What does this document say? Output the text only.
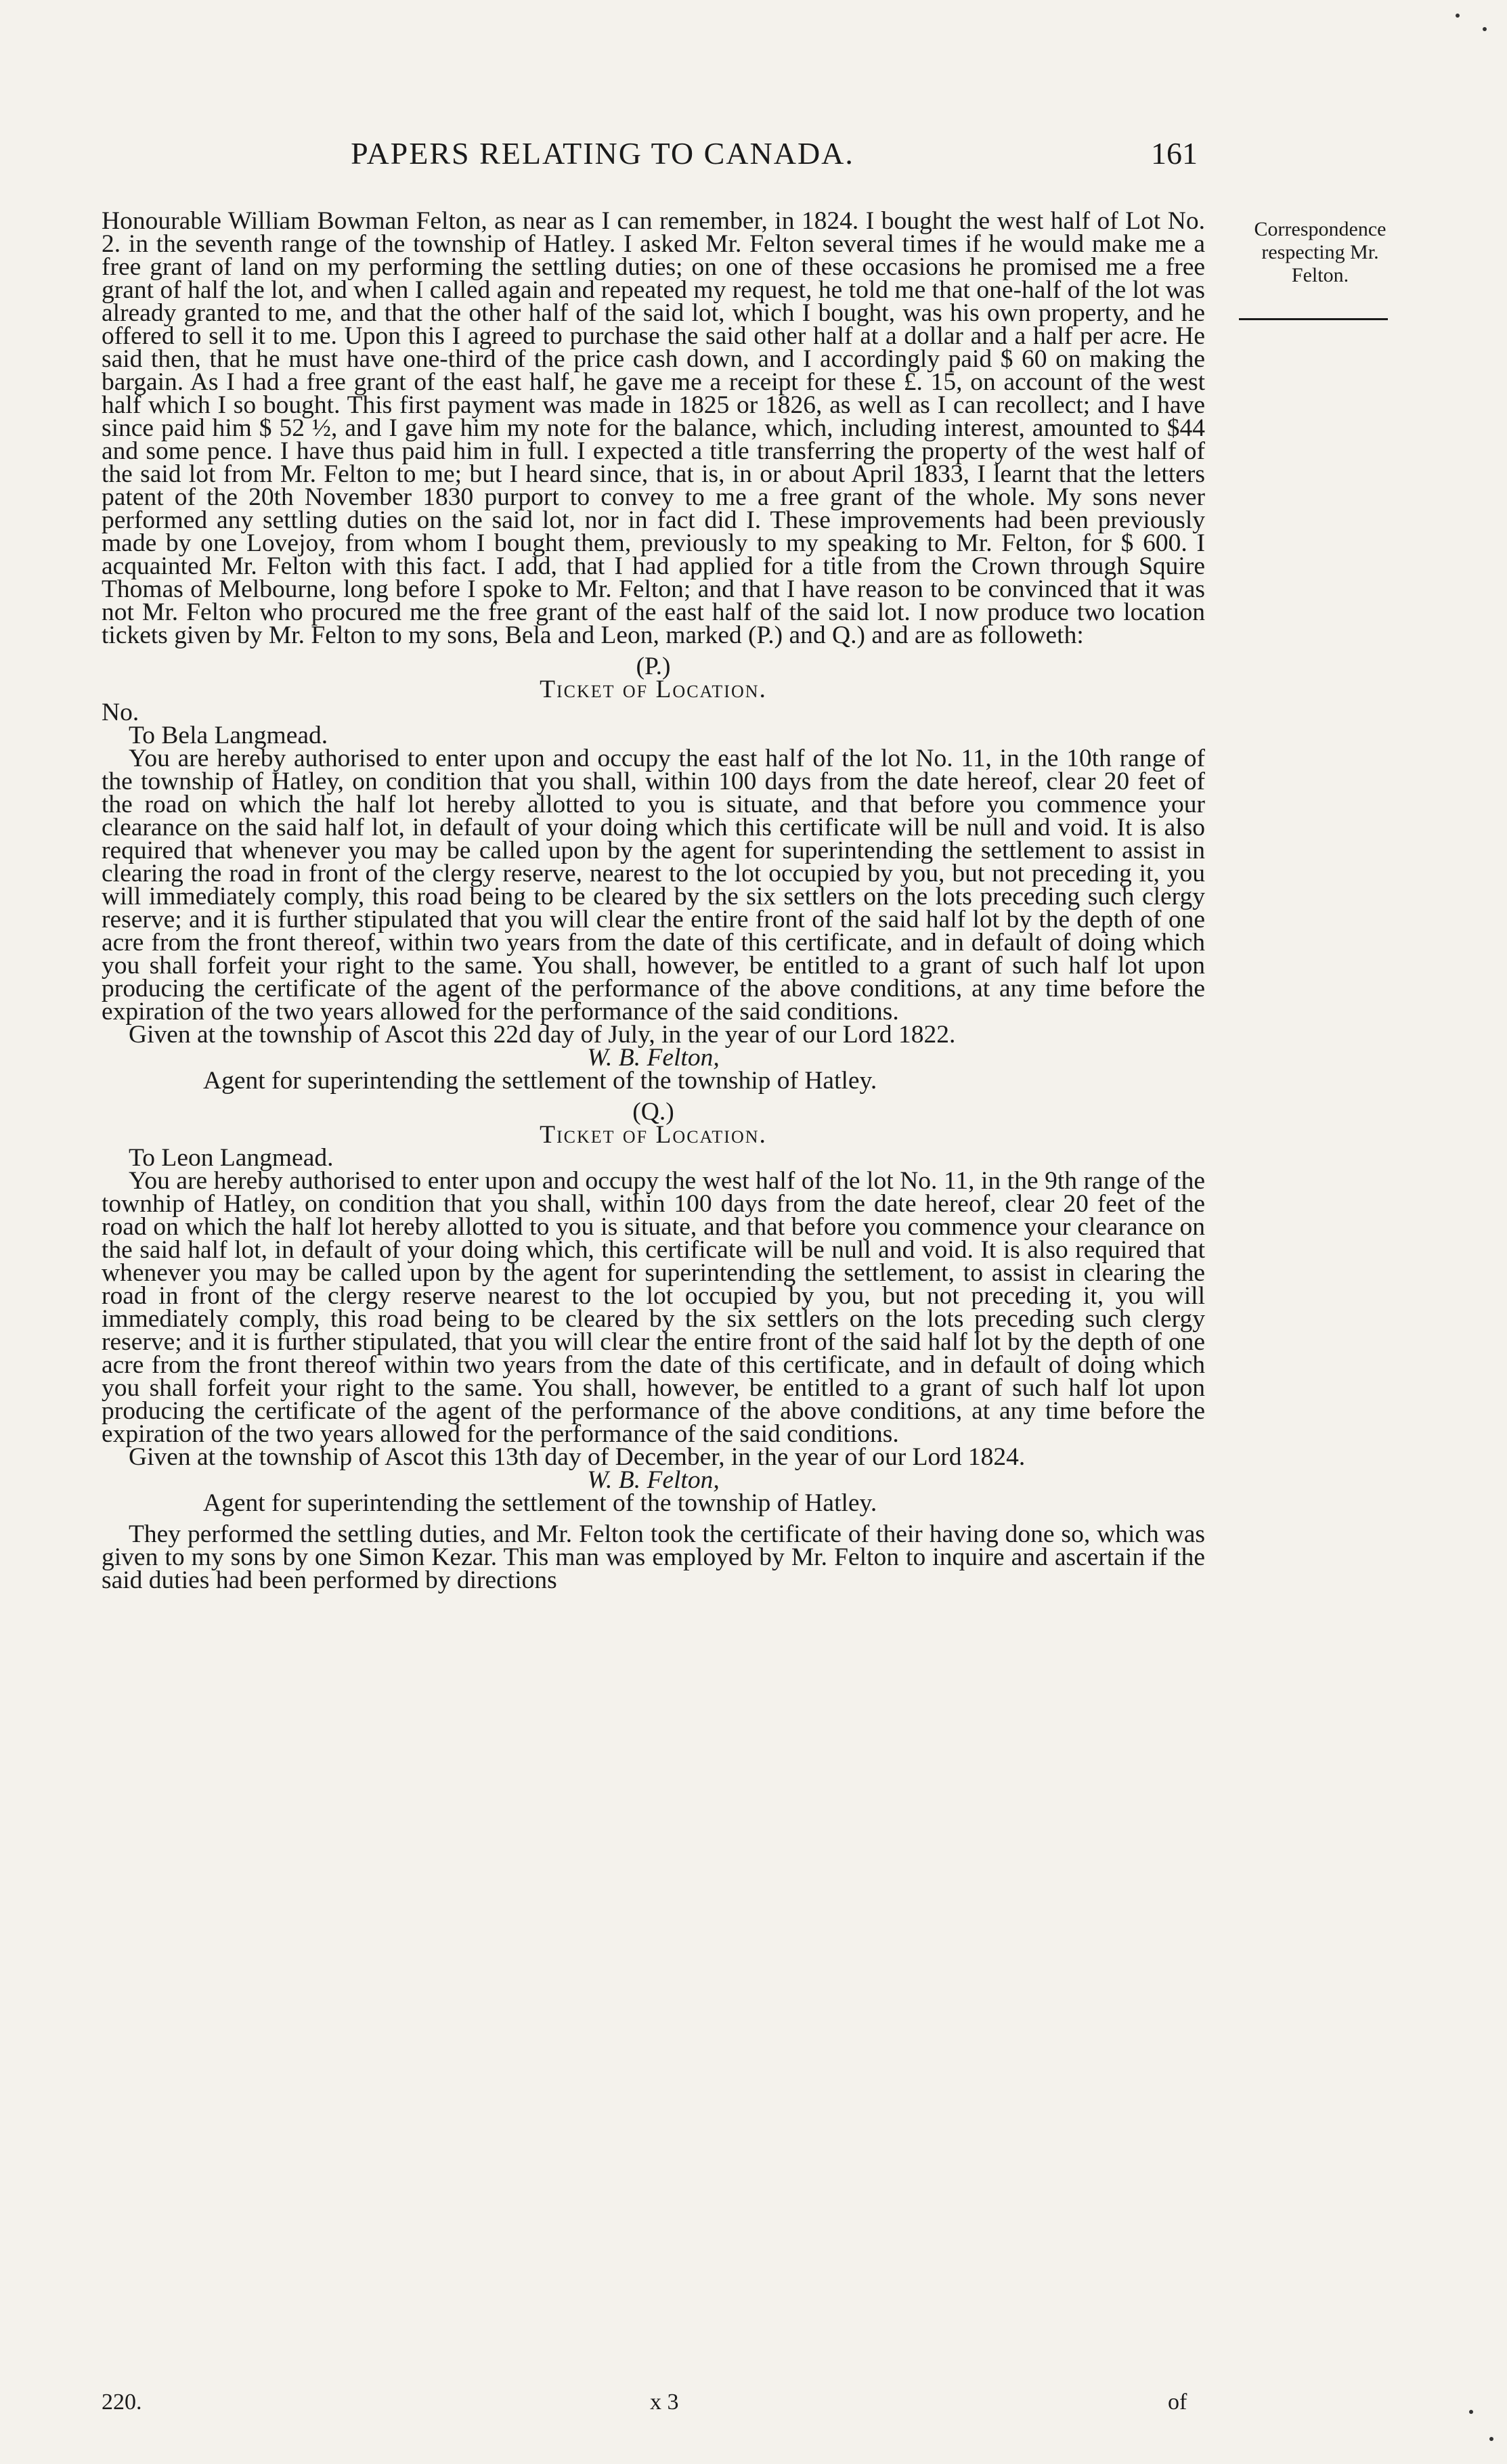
PAPERS RELATING TO CANADA.	161
Correspondence respecting Mr. Felton.

Honourable William Bowman Felton, as near as I can remember, in 1824. I bought the west half of Lot No. 2. in the seventh range of the township of Hatley. I asked Mr. Felton several times if he would make me a free grant of land on my performing the settling duties; on one of these occasions he promised me a free grant of half the lot, and when I called again and repeated my request, he told me that one-half of the lot was already granted to me, and that the other half of the said lot, which I bought, was his own property, and he offered to sell it to me. Upon this I agreed to purchase the said other half at a dollar and a half per acre. He said then, that he must have one-third of the price cash down, and I accordingly paid $ 60 on making the bargain. As I had a free grant of the east half, he gave me a receipt for these £. 15, on account of the west half which I so bought. This first payment was made in 1825 or 1826, as well as I can recollect; and I have since paid him $ 52 ½, and I gave him my note for the balance, which, including interest, amounted to $44 and some pence. I have thus paid him in full. I expected a title transferring the property of the west half of the said lot from Mr. Felton to me; but I heard since, that is, in or about April 1833, I learnt that the letters patent of the 20th November 1830 purport to convey to me a free grant of the whole. My sons never performed any settling duties on the said lot, nor in fact did I. These improvements had been previously made by one Lovejoy, from whom I bought them, previously to my speaking to Mr. Felton, for $ 600. I acquainted Mr. Felton with this fact. I add, that I had applied for a title from the Crown through Squire Thomas of Melbourne, long before I spoke to Mr. Felton; and that I have reason to be convinced that it was not Mr. Felton who procured me the free grant of the east half of the said lot. I now produce two location tickets given by Mr. Felton to my sons, Bela and Leon, marked (P.) and Q.) and are as followeth:

(P.)

Ticket of Location.

No.

To Bela Langmead.

You are hereby authorised to enter upon and occupy the east half of the lot No. 11, in the 10th range of the township of Hatley, on condition that you shall, within 100 days from the date hereof, clear 20 feet of the road on which the half lot hereby allotted to you is situate, and that before you commence your clearance on the said half lot, in default of your doing which this certificate will be null and void. It is also required that whenever you may be called upon by the agent for superintending the settlement to assist in clearing the road in front of the clergy reserve, nearest to the lot occupied by you, but not preceding it, you will immediately comply, this road being to be cleared by the six settlers on the lots preceding such clergy reserve; and it is further stipulated that you will clear the entire front of the said half lot by the depth of one acre from the front thereof, within two years from the date of this certificate, and in default of doing which you shall forfeit your right to the same. You shall, however, be entitled to a grant of such half lot upon producing the certificate of the agent of the performance of the above conditions, at any time before the expiration of the two years allowed for the performance of the said conditions.

Given at the township of Ascot this 22d day of July, in the year of our Lord 1822.

W. B. Felton,

Agent for superintending the settlement of the township of Hatley.

(Q.)

Ticket of Location.

To Leon Langmead.

You are hereby authorised to enter upon and occupy the west half of the lot No. 11, in the 9th range of the townhip of Hatley, on condition that you shall, within 100 days from the date hereof, clear 20 feet of the road on which the half lot hereby allotted to you is situate, and that before you commence your clearance on the said half lot, in default of your doing which, this certificate will be null and void. It is also required that whenever you may be called upon by the agent for superintending the settlement, to assist in clearing the road in front of the clergy reserve nearest to the lot occupied by you, but not preceding it, you will immediately comply, this road being to be cleared by the six settlers on the lots preceding such clergy reserve; and it is further stipulated, that you will clear the entire front of the said half lot by the depth of one acre from the front thereof within two years from the date of this certificate, and in default of doing which you shall forfeit your right to the same. You shall, however, be entitled to a grant of such half lot upon producing the certificate of the agent of the performance of the above conditions, at any time before the expiration of the two years allowed for the performance of the said conditions.

Given at the township of Ascot this 13th day of December, in the year of our Lord 1824.

W. B. Felton,

Agent for superintending the settlement of the township of Hatley.

They performed the settling duties, and Mr. Felton took the certificate of their having done so, which was given to my sons by one Simon Kezar. This man was employed by Mr. Felton to inquire and ascertain if the said duties had been performed by directions

220.	x 3	of
